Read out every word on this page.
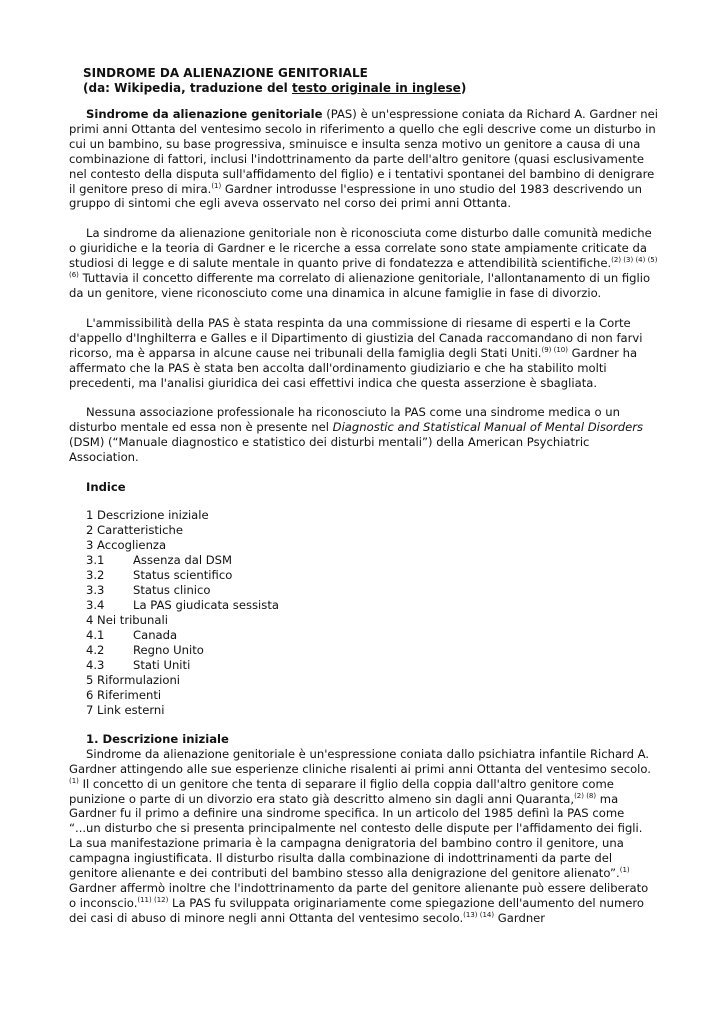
SINDROME DA ALIENAZIONE GENITORIALE
(da: Wikipedia, traduzione del testo originale in inglese)

Sindrome da alienazione genitoriale (PAS) è un'espressione coniata da Richard A. Gardner nei primi anni Ottanta del ventesimo secolo in riferimento a quello che egli descrive come un disturbo in cui un bambino, su base progressiva, sminuisce e insulta senza motivo un genitore a causa di una combinazione di fattori, inclusi l'indottrinamento da parte dell'altro genitore (quasi esclusivamente nel contesto della disputa sull'affidamento del figlio) e i tentativi spontanei del bambino di denigrare il genitore preso di mira.$^{(1)}$ Gardner introdusse l'espressione in uno studio del 1983 descrivendo un gruppo di sintomi che egli aveva osservato nel corso dei primi anni Ottanta.

La sindrome da alienazione genitoriale non è riconosciuta come disturbo dalle comunità mediche o giuridiche e la teoria di Gardner e le ricerche a essa correlate sono state ampiamente criticate da studiosi di legge e di salute mentale in quanto prive di fondatezza e attendibilità scientifiche.$^{(2) (3) (4) (5) (6)}$ Tuttavia il concetto differente ma correlato di alienazione genitoriale, l'allontanamento di un figlio da un genitore, viene riconosciuto come una dinamica in alcune famiglie in fase di divorzio.

L'ammissibilità della PAS è stata respinta da una commissione di riesame di esperti e la Corte d'appello d'Inghilterra e Galles e il Dipartimento di giustizia del Canada raccomandano di non farvi ricorso, ma è apparsa in alcune cause nei tribunali della famiglia degli Stati Uniti.$^{(9) (10)}$ Gardner ha affermato che la PAS è stata ben accolta dall'ordinamento giudiziario e che ha stabilito molti precedenti, ma l'analisi giuridica dei casi effettivi indica che questa asserzione è sbagliata.

Nessuna associazione professionale ha riconosciuto la PAS come una sindrome medica o un disturbo mentale ed essa non è presente nel Diagnostic and Statistical Manual of Mental Disorders (DSM) (“Manuale diagnostico e statistico dei disturbi mentali”) della American Psychiatric Association.

Indice
1 Descrizione iniziale
2 Caratteristiche
3 Accoglienza
3.1	Assenza dal DSM
3.2	Status scientifico
3.3	Status clinico
3.4	La PAS giudicata sessista
4 Nei tribunali
4.1	Canada
4.2	Regno Unito
4.3	Stati Uniti
5 Riformulazioni
6 Riferimenti
7 Link esterni
1. Descrizione iniziale

Sindrome da alienazione genitoriale è un'espressione coniata dallo psichiatra infantile Richard A. Gardner attingendo alle sue esperienze cliniche risalenti ai primi anni Ottanta del ventesimo secolo.$^{(1)}$ Il concetto di un genitore che tenta di separare il figlio della coppia dall'altro genitore come punizione o parte di un divorzio era stato già descritto almeno sin dagli anni Quaranta,$^{(2) (8)}$ ma Gardner fu il primo a definire una sindrome specifica. In un articolo del 1985 definì la PAS come “...un disturbo che si presenta principalmente nel contesto delle dispute per l'affidamento dei figli. La sua manifestazione primaria è la campagna denigratoria del bambino contro il genitore, una campagna ingiustificata. Il disturbo risulta dalla combinazione di indottrinamenti da parte del genitore alienante e dei contributi del bambino stesso alla denigrazione del genitore alienato”.$^{(1)}$ Gardner affermò inoltre che l'indottrinamento da parte del genitore alienante può essere deliberato o inconscio.$^{(11) (12)}$ La PAS fu sviluppata originariamente come spiegazione dell'aumento del numero dei casi di abuso di minore negli anni Ottanta del ventesimo secolo.$^{(13) (14)}$ Gardner
